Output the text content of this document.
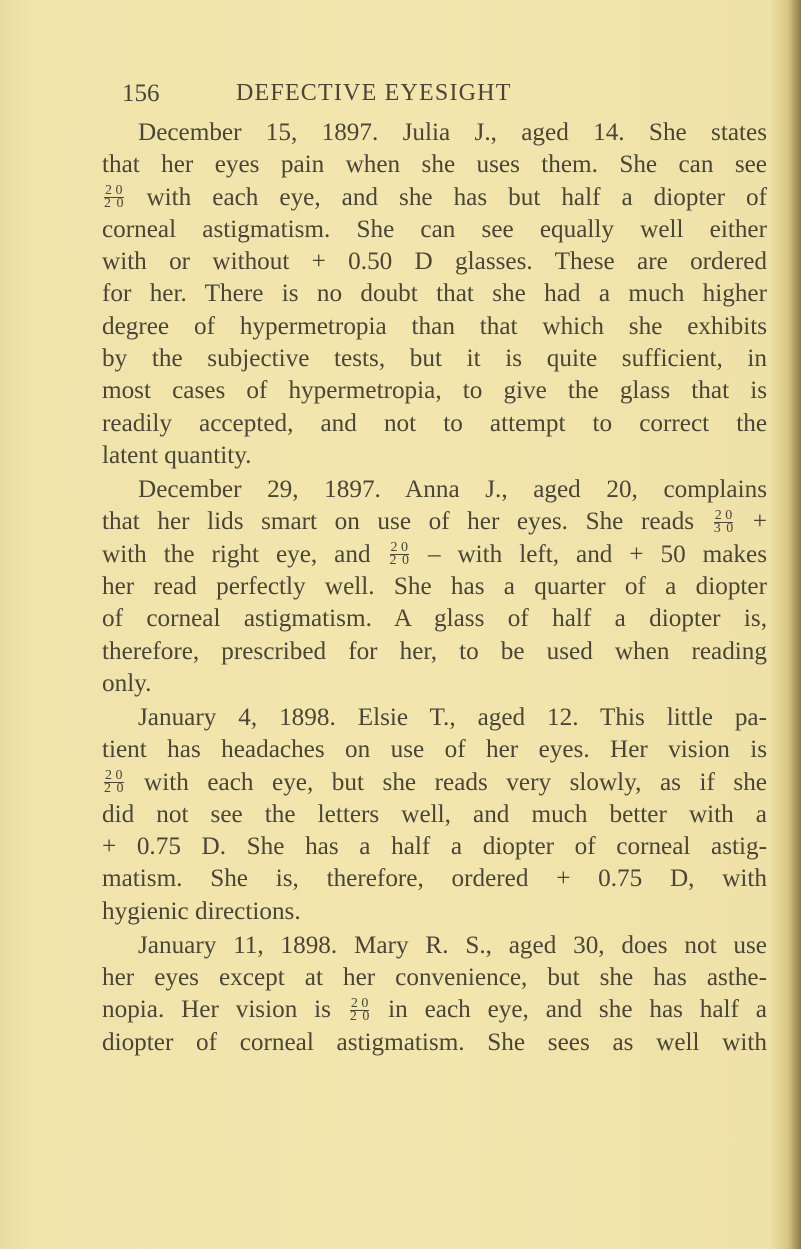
156	DEFECTIVE EYESIGHT
December 15, 1897. Julia J., aged 14. She states
that her eyes pain when she uses them. She can see
$\frac{2 0}{2 0}$ with each eye, and she has but half a diopter of
corneal astigmatism. She can see equally well either
with or without + 0.50 D glasses. These are ordered
for her. There is no doubt that she had a much higher
degree of hypermetropia than that which she exhibits
by the subjective tests, but it is quite sufficient, in
most cases of hypermetropia, to give the glass that is
readily accepted, and not to attempt to correct the
latent quantity.
December 29, 1897. Anna J., aged 20, complains
that her lids smart on use of her eyes. She reads $\frac{2 0}{3 0}$ +
with the right eye, and $\frac{2 0}{2 0}$ – with left, and + 50 makes
her read perfectly well. She has a quarter of a diopter
of corneal astigmatism. A glass of half a diopter is,
therefore, prescribed for her, to be used when reading
only.
January 4, 1898. Elsie T., aged 12. This little pa-
tient has headaches on use of her eyes. Her vision is
$\frac{2 0}{2 0}$ with each eye, but she reads very slowly, as if she
did not see the letters well, and much better with a
+ 0.75 D. She has a half a diopter of corneal astig-
matism. She is, therefore, ordered + 0.75 D, with
hygienic directions.
January 11, 1898. Mary R. S., aged 30, does not use
her eyes except at her convenience, but she has asthe-
nopia. Her vision is $\frac{2 0}{2 0}$ in each eye, and she has half a
diopter of corneal astigmatism. She sees as well with
